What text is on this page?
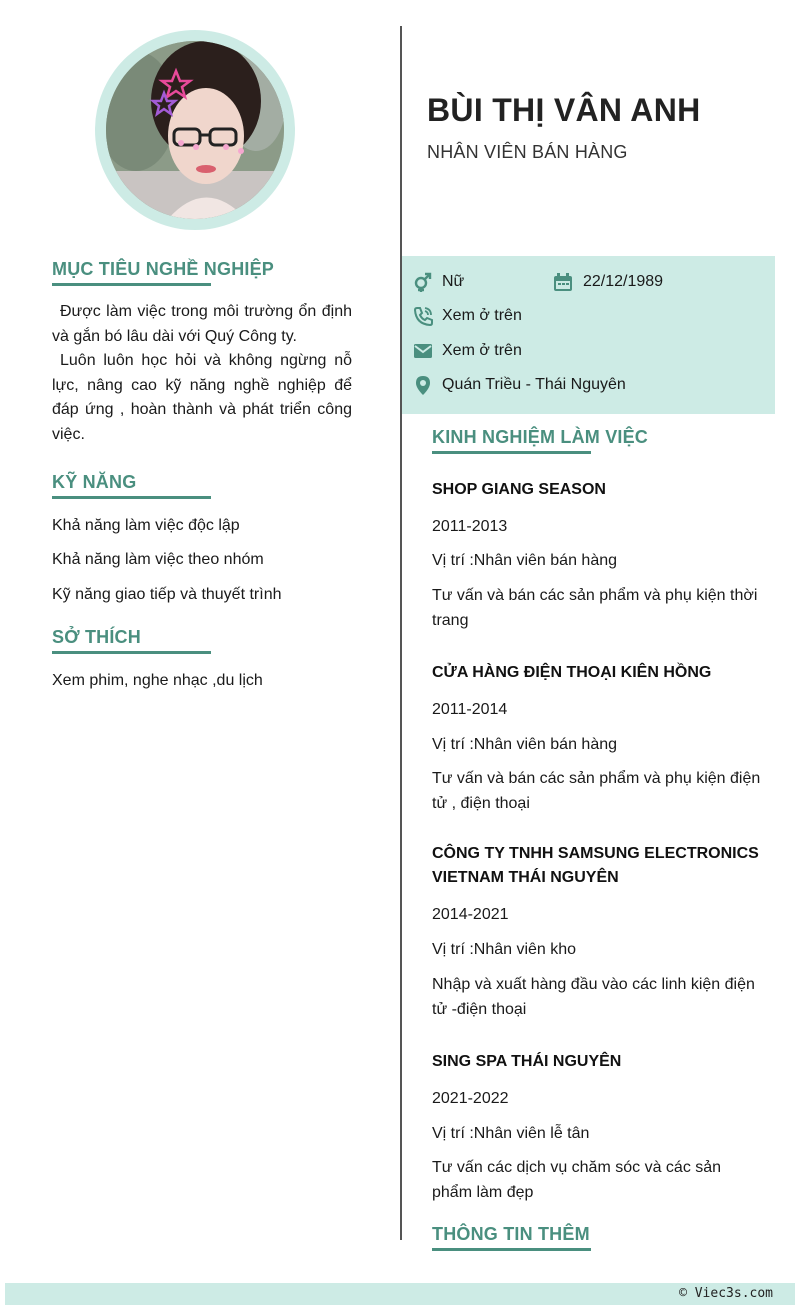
BÙI THỊ VÂN ANH
NHÂN VIÊN BÁN HÀNG
MỤC TIÊU NGHỀ NGHIỆP

Được làm việc trong môi trường ổn định và gắn bó lâu dài với Quý Công ty.

Luôn luôn học hỏi và không ngừng nỗ lực, nâng cao kỹ năng nghề nghiệp để đáp ứng , hoàn thành và phát triển công việc.

KỸ NĂNG
Khả năng làm việc độc lập
Khả năng làm việc theo nhóm
Kỹ năng giao tiếp và thuyết trình
SỞ THÍCH
Xem phim, nghe nhạc ,du lịch
Nữ	22/12/1989
Xem ở trên
Xem ở trên
Quán Triều - Thái Nguyên
KINH NGHIỆM LÀM VIỆC
SHOP GIANG SEASON
2011-2013
Vị trí :Nhân viên bán hàng
Tư vấn và bán các sản phẩm và phụ kiện thời trang
CỬA HÀNG ĐIỆN THOẠI KIÊN HỒNG
2011-2014
Vị trí :Nhân viên bán hàng
Tư vấn và bán các sản phẩm và phụ kiện điện tử , điện thoại
CÔNG TY TNHH SAMSUNG ELECTRONICS VIETNAM THÁI NGUYÊN
2014-2021
Vị trí :Nhân viên kho
Nhập và xuất hàng đầu vào các linh kiện điện tử -điện thoại
SING SPA THÁI NGUYÊN
2021-2022
Vị trí :Nhân viên lễ tân
Tư vấn các dịch vụ chăm sóc và các sản phẩm làm đẹp
THÔNG TIN THÊM
© Viec3s.com
